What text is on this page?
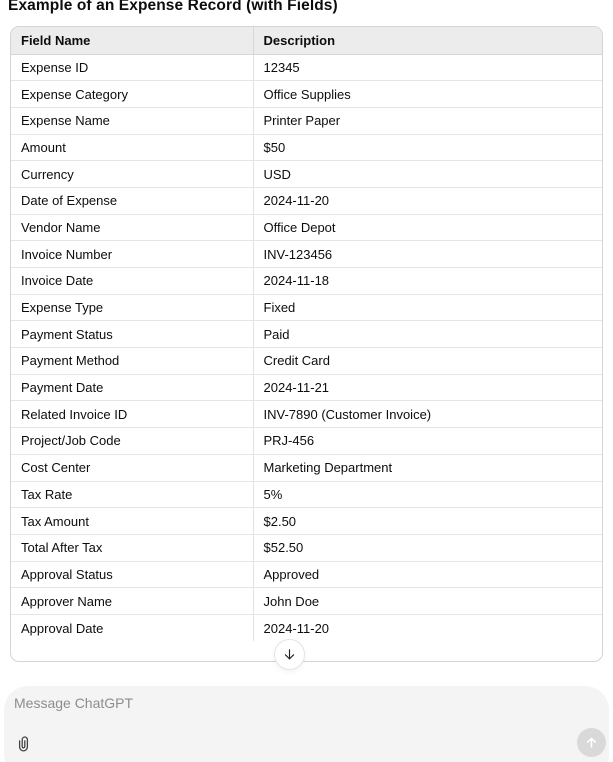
Example of an Expense Record (with Fields)
Field Name	Description
Expense ID	12345
Expense Category	Office Supplies
Expense Name	Printer Paper
Amount	$50
Currency	USD
Date of Expense	2024-11-20
Vendor Name	Office Depot
Invoice Number	INV-123456
Invoice Date	2024-11-18
Expense Type	Fixed
Payment Status	Paid
Payment Method	Credit Card
Payment Date	2024-11-21
Related Invoice ID	INV-7890 (Customer Invoice)
Project/Job Code	PRJ-456
Cost Center	Marketing Department
Tax Rate	5%
Tax Amount	$2.50
Total After Tax	$52.50
Approval Status	Approved
Approver Name	John Doe
Approval Date	2024-11-20
Message ChatGPT
